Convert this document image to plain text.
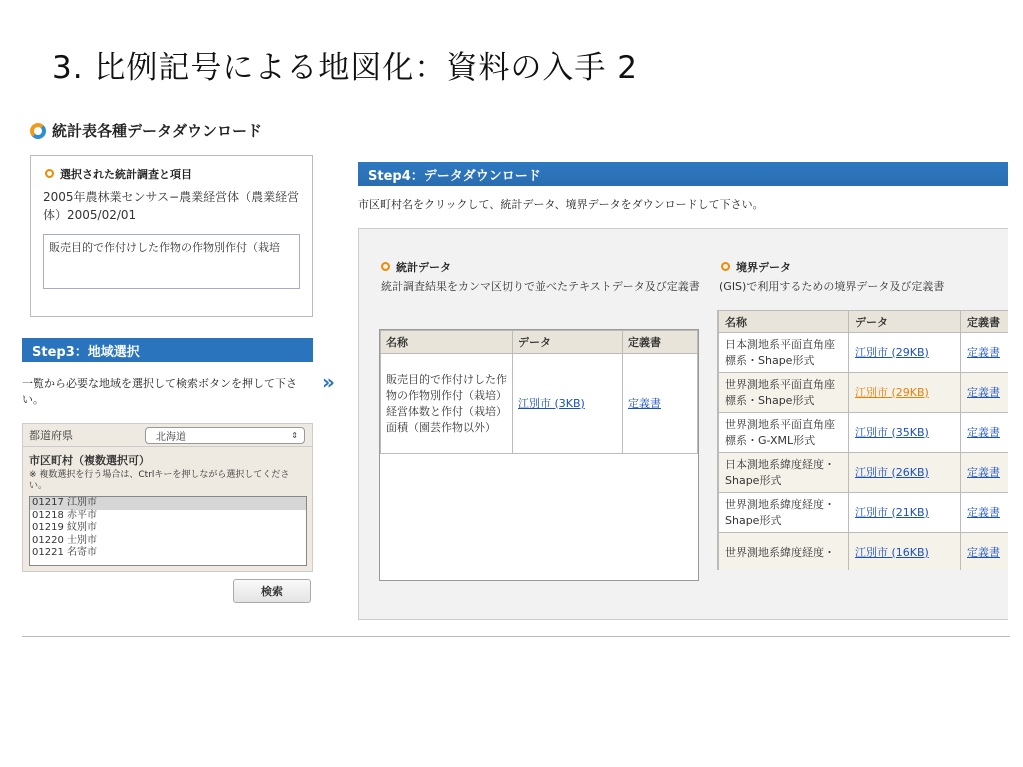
3. 比例記号による地図化：資料の入手 2
統計表各種データダウンロード
選択された統計調査と項目
2005年農林業センサス−農業経営体（農業経営体）2005/02/01
販売目的で作付けした作物の作物別作付（栽培
Step3：地域選択
一覧から必要な地域を選択して検索ボタンを押して下さい。
都道府県	北海道	⇕
市区町村（複数選択可）
※ 複数選択を行う場合は、Ctrlキーを押しながら選択してください。
01217 江別市
01218 赤平市
01219 紋別市
01220 士別市
01221 名寄市
検索
»
Step4：データダウンロード
市区町村名をクリックして、統計データ、境界データをダウンロードして下さい。
統計データ
統計調査結果をカンマ区切りで並べたテキストデータ及び定義書
名称	データ	定義書
販売目的で作付けした作物の作物別作付（栽培）経営体数と作付（栽培）面積（園芸作物以外）	江別市 (3KB)	定義書
境界データ
(GIS)で利用するための境界データ及び定義書
名称	データ	定義書
日本測地系平面直角座標系・Shape形式	江別市 (29KB)	定義書
世界測地系平面直角座標系・Shape形式	江別市 (29KB)	定義書
世界測地系平面直角座標系・G-XML形式	江別市 (35KB)	定義書
日本測地系緯度経度・Shape形式	江別市 (26KB)	定義書
世界測地系緯度経度・Shape形式	江別市 (21KB)	定義書
世界測地系緯度経度・	江別市 (16KB)	定義書
